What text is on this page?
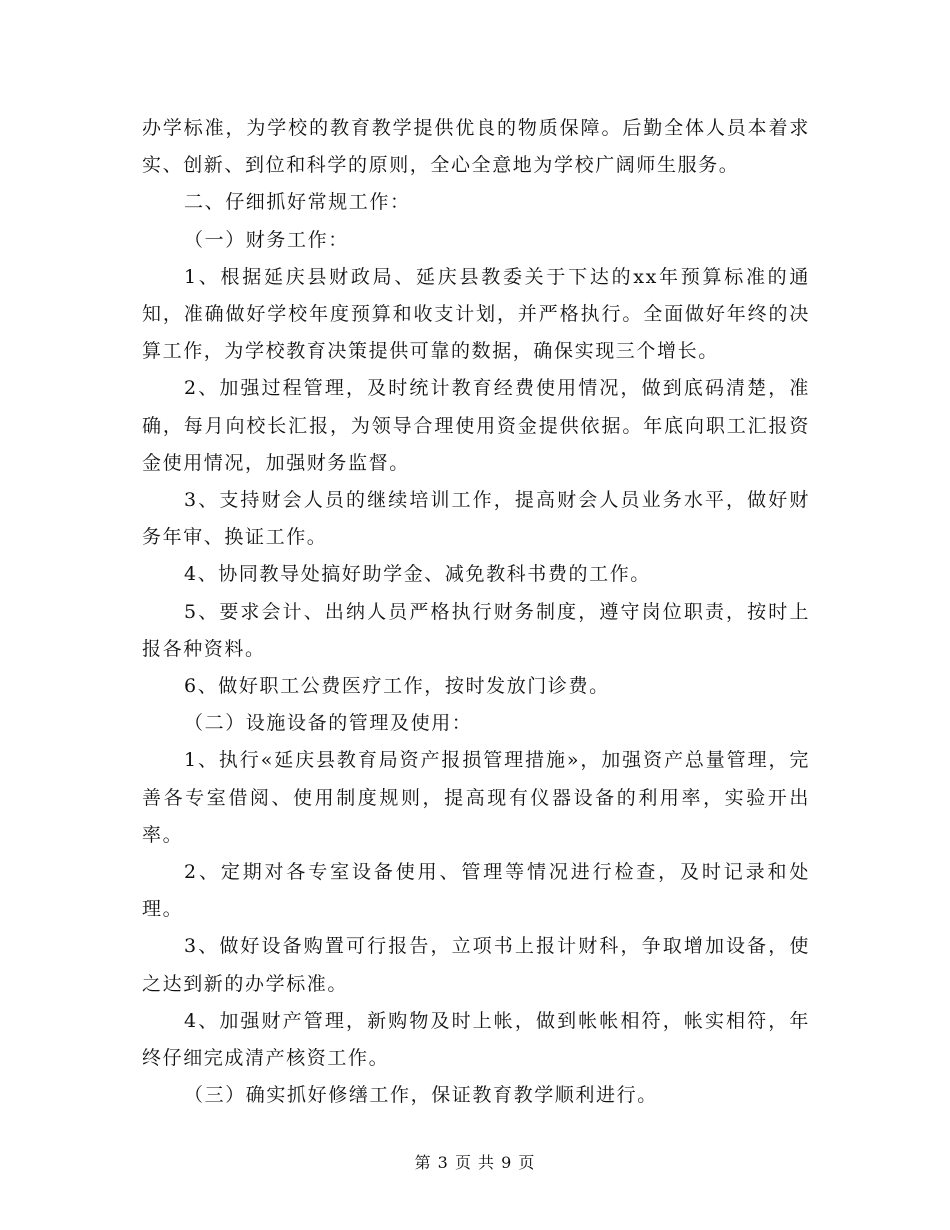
办学标准，为学校的教育教学提供优良的物质保障。后勤全体人员本着求实、创新、到位和科学的原则，全心全意地为学校广阔师生服务。

二、仔细抓好常规工作：

（一）财务工作：

1、根据延庆县财政局、延庆县教委关于下达的xx年预算标准的通知，准确做好学校年度预算和收支计划，并严格执行。全面做好年终的决算工作，为学校教育决策提供可靠的数据，确保实现三个增长。

2、加强过程管理，及时统计教育经费使用情况，做到底码清楚，准确，每月向校长汇报，为领导合理使用资金提供依据。年底向职工汇报资金使用情况，加强财务监督。

3、支持财会人员的继续培训工作，提高财会人员业务水平，做好财务年审、换证工作。

4、协同教导处搞好助学金、减免教科书费的工作。

5、要求会计、出纳人员严格执行财务制度，遵守岗位职责，按时上报各种资料。

6、做好职工公费医疗工作，按时发放门诊费。

（二）设施设备的管理及使用：

1、执行«延庆县教育局资产报损管理措施»，加强资产总量管理，完善各专室借阅、使用制度规则，提高现有仪器设备的利用率，实验开出率。

2、定期对各专室设备使用、管理等情况进行检查，及时记录和处理。

3、做好设备购置可行报告，立项书上报计财科，争取增加设备，使之达到新的办学标准。

4、加强财产管理，新购物及时上帐，做到帐帐相符，帐实相符，年终仔细完成清产核资工作。

（三）确实抓好修缮工作，保证教育教学顺利进行。

第 3 页 共 9 页
